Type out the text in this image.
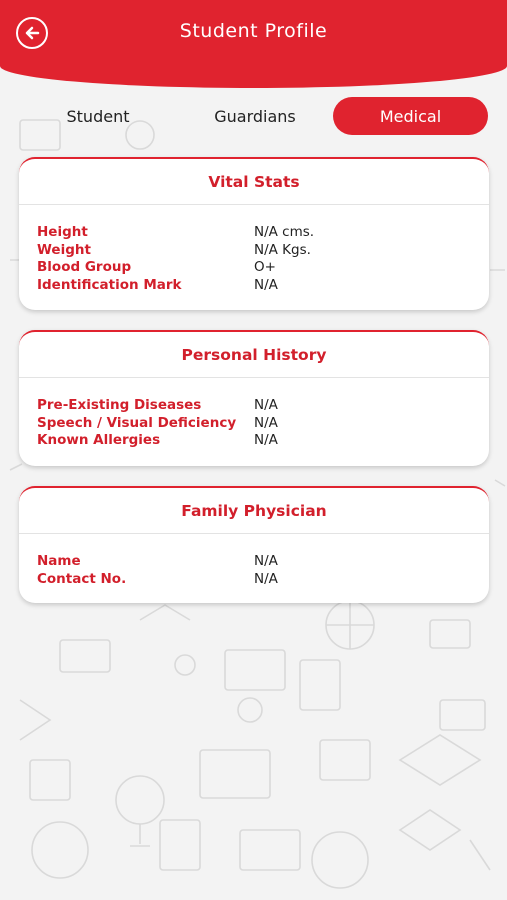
Student Profile
Student	Guardians	Medical
Vital Stats
Height	N/A cms.
Weight	N/A Kgs.
Blood Group	O+
Identification Mark	N/A
Personal History
Pre-Existing Diseases	N/A
Speech / Visual Deficiency	N/A
Known Allergies	N/A
Family Physician
Name	N/A
Contact No.	N/A
